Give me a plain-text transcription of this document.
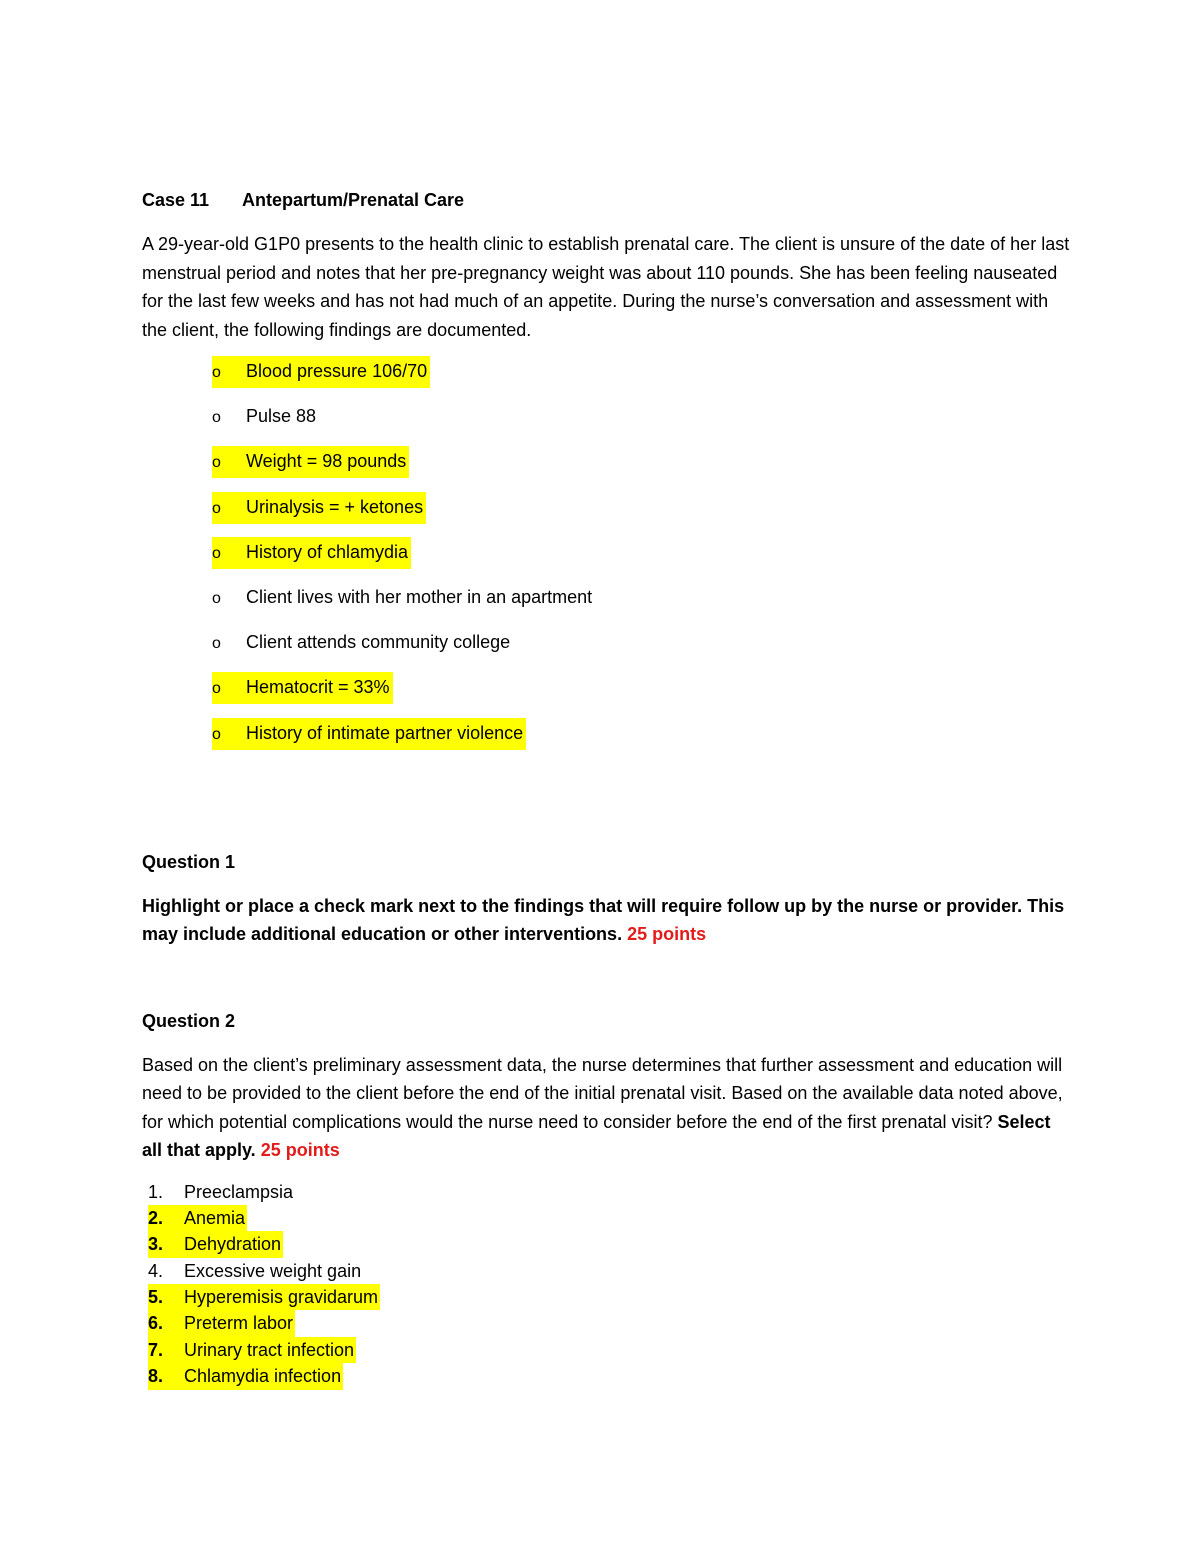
Case 11 Antepartum/Prenatal Care

A 29-year-old G1P0 presents to the health clinic to establish prenatal care. The client is unsure of the date of her last menstrual period and notes that her pre-pregnancy weight was about 110 pounds. She has been feeling nauseated for the last few weeks and has not had much of an appetite. During the nurse’s conversation and assessment with the client, the following findings are documented.

o Blood pressure 106/70
o Pulse 88
o Weight = 98 pounds
o Urinalysis = + ketones
o History of chlamydia
o Client lives with her mother in an apartment
o Client attends community college
o Hematocrit = 33%
o History of intimate partner violence

Question 1

Highlight or place a check mark next to the findings that will require follow up by the nurse or provider. This may include additional education or other interventions. 25 points

Question 2

Based on the client’s preliminary assessment data, the nurse determines that further assessment and education will need to be provided to the client before the end of the initial prenatal visit. Based on the available data noted above, for which potential complications would the nurse need to consider before the end of the first prenatal visit? Select all that apply. 25 points

1. Preeclampsia
2. Anemia
3. Dehydration
4. Excessive weight gain
5. Hyperemisis gravidarum
6. Preterm labor
7. Urinary tract infection
8. Chlamydia infection
